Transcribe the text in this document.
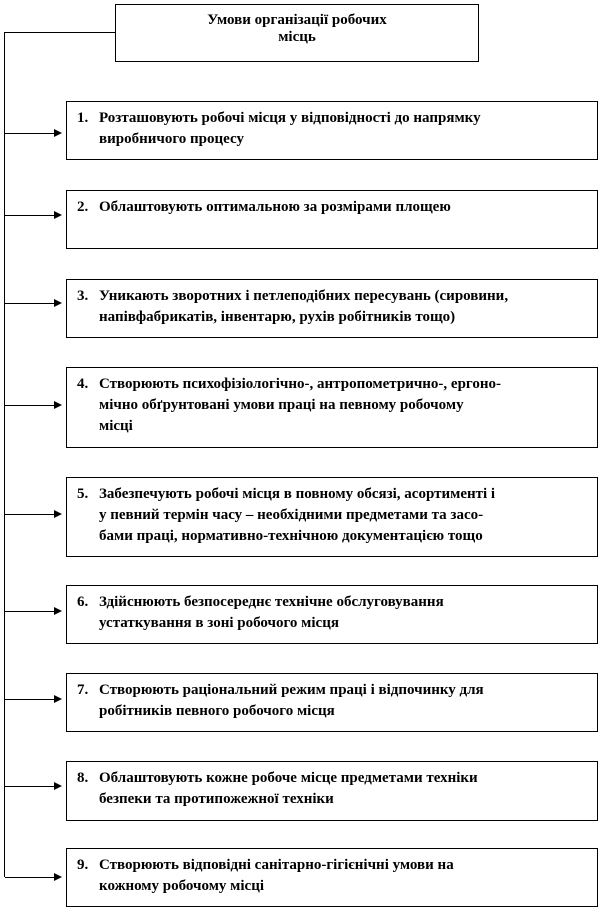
Умови організації робочих
місць
1. Розташовують робочі місця у відповідності до напрямку
виробничого процесу
2. Облаштовують оптимальною за розмірами площею
3. Уникають зворотних і петлеподібних пересувань (сировини,
напівфабрикатів, інвентарю, рухів робітників тощо)
4. Створюють психофізіологічно-, антропометрично-, ергоно-
мічно обґрунтовані умови праці на певному робочому
місці
5. Забезпечують робочі місця в повному обсязі, асортименті і
у певний термін часу – необхідними предметами та засо-
бами праці, нормативно-технічною документацією тощо
6. Здійснюють безпосереднє технічне обслуговування
устаткування в зоні робочого місця
7. Створюють раціональний режим праці і відпочинку для
робітників певного робочого місця
8. Облаштовують кожне робоче місце предметами техніки
безпеки та протипожежної техніки
9. Створюють відповідні санітарно-гігієнічні умови на
кожному робочому місці
